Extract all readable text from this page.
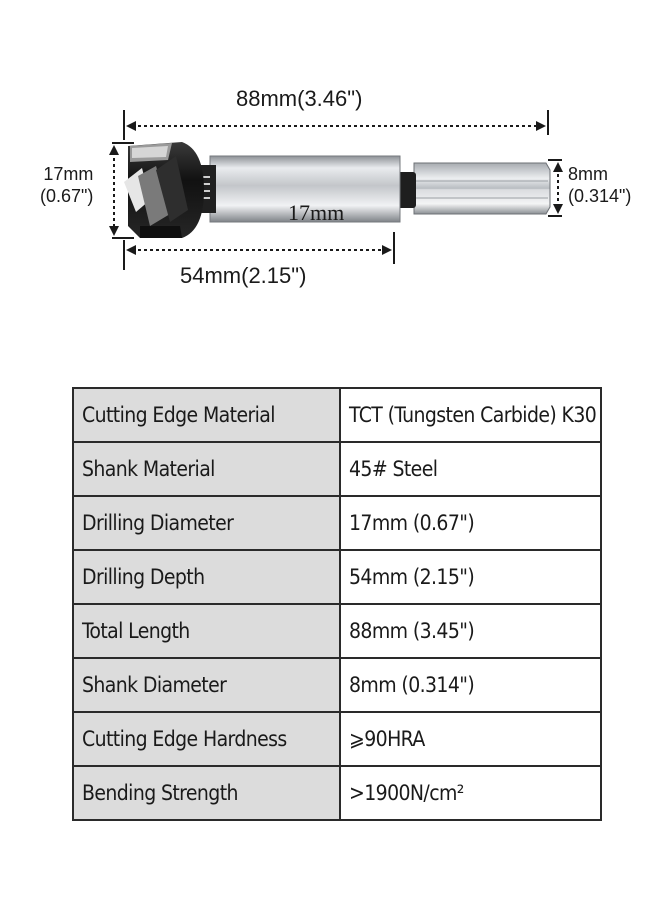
88mm(3.46")
54mm(2.15")
17mm
(0.67")
8mm
(0.314")
17mm
Cutting Edge Material	TCT (Tungsten Carbide) K30
Shank Material	45# Steel
Drilling Diameter	17mm (0.67")
Drilling Depth	54mm (2.15")
Total Length	88mm (3.45")
Shank Diameter	8mm (0.314")
Cutting Edge Hardness	⩾90HRA
Bending Strength	>1900N/cm²
